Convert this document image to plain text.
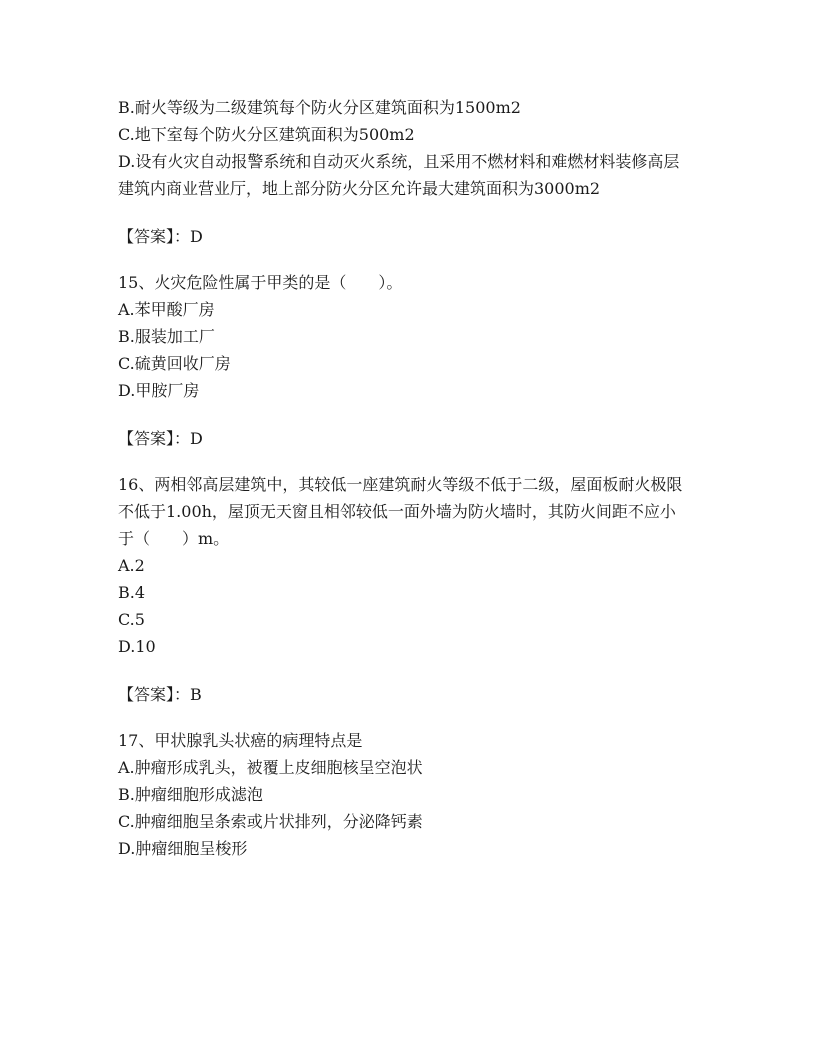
B.耐火等级为二级建筑每个防火分区建筑面积为1500m2

C.地下室每个防火分区建筑面积为500m2

D.设有火灾自动报警系统和自动灭火系统，且采用不燃材料和难燃材料装修高层建筑内商业营业厅，地上部分防火分区允许最大建筑面积为3000m2

【答案】：D

15、火灾危险性属于甲类的是（　　）。

A.苯甲酸厂房

B.服装加工厂

C.硫黄回收厂房

D.甲胺厂房

【答案】：D

16、两相邻高层建筑中，其较低一座建筑耐火等级不低于二级，屋面板耐火极限不低于1.00h，屋顶无天窗且相邻较低一面外墙为防火墙时，其防火间距不应小于（　　）m。

A.2

B.4

C.5

D.10

【答案】：B

17、甲状腺乳头状癌的病理特点是

A.肿瘤形成乳头，被覆上皮细胞核呈空泡状

B.肿瘤细胞形成滤泡

C.肿瘤细胞呈条索或片状排列，分泌降钙素

D.肿瘤细胞呈梭形
